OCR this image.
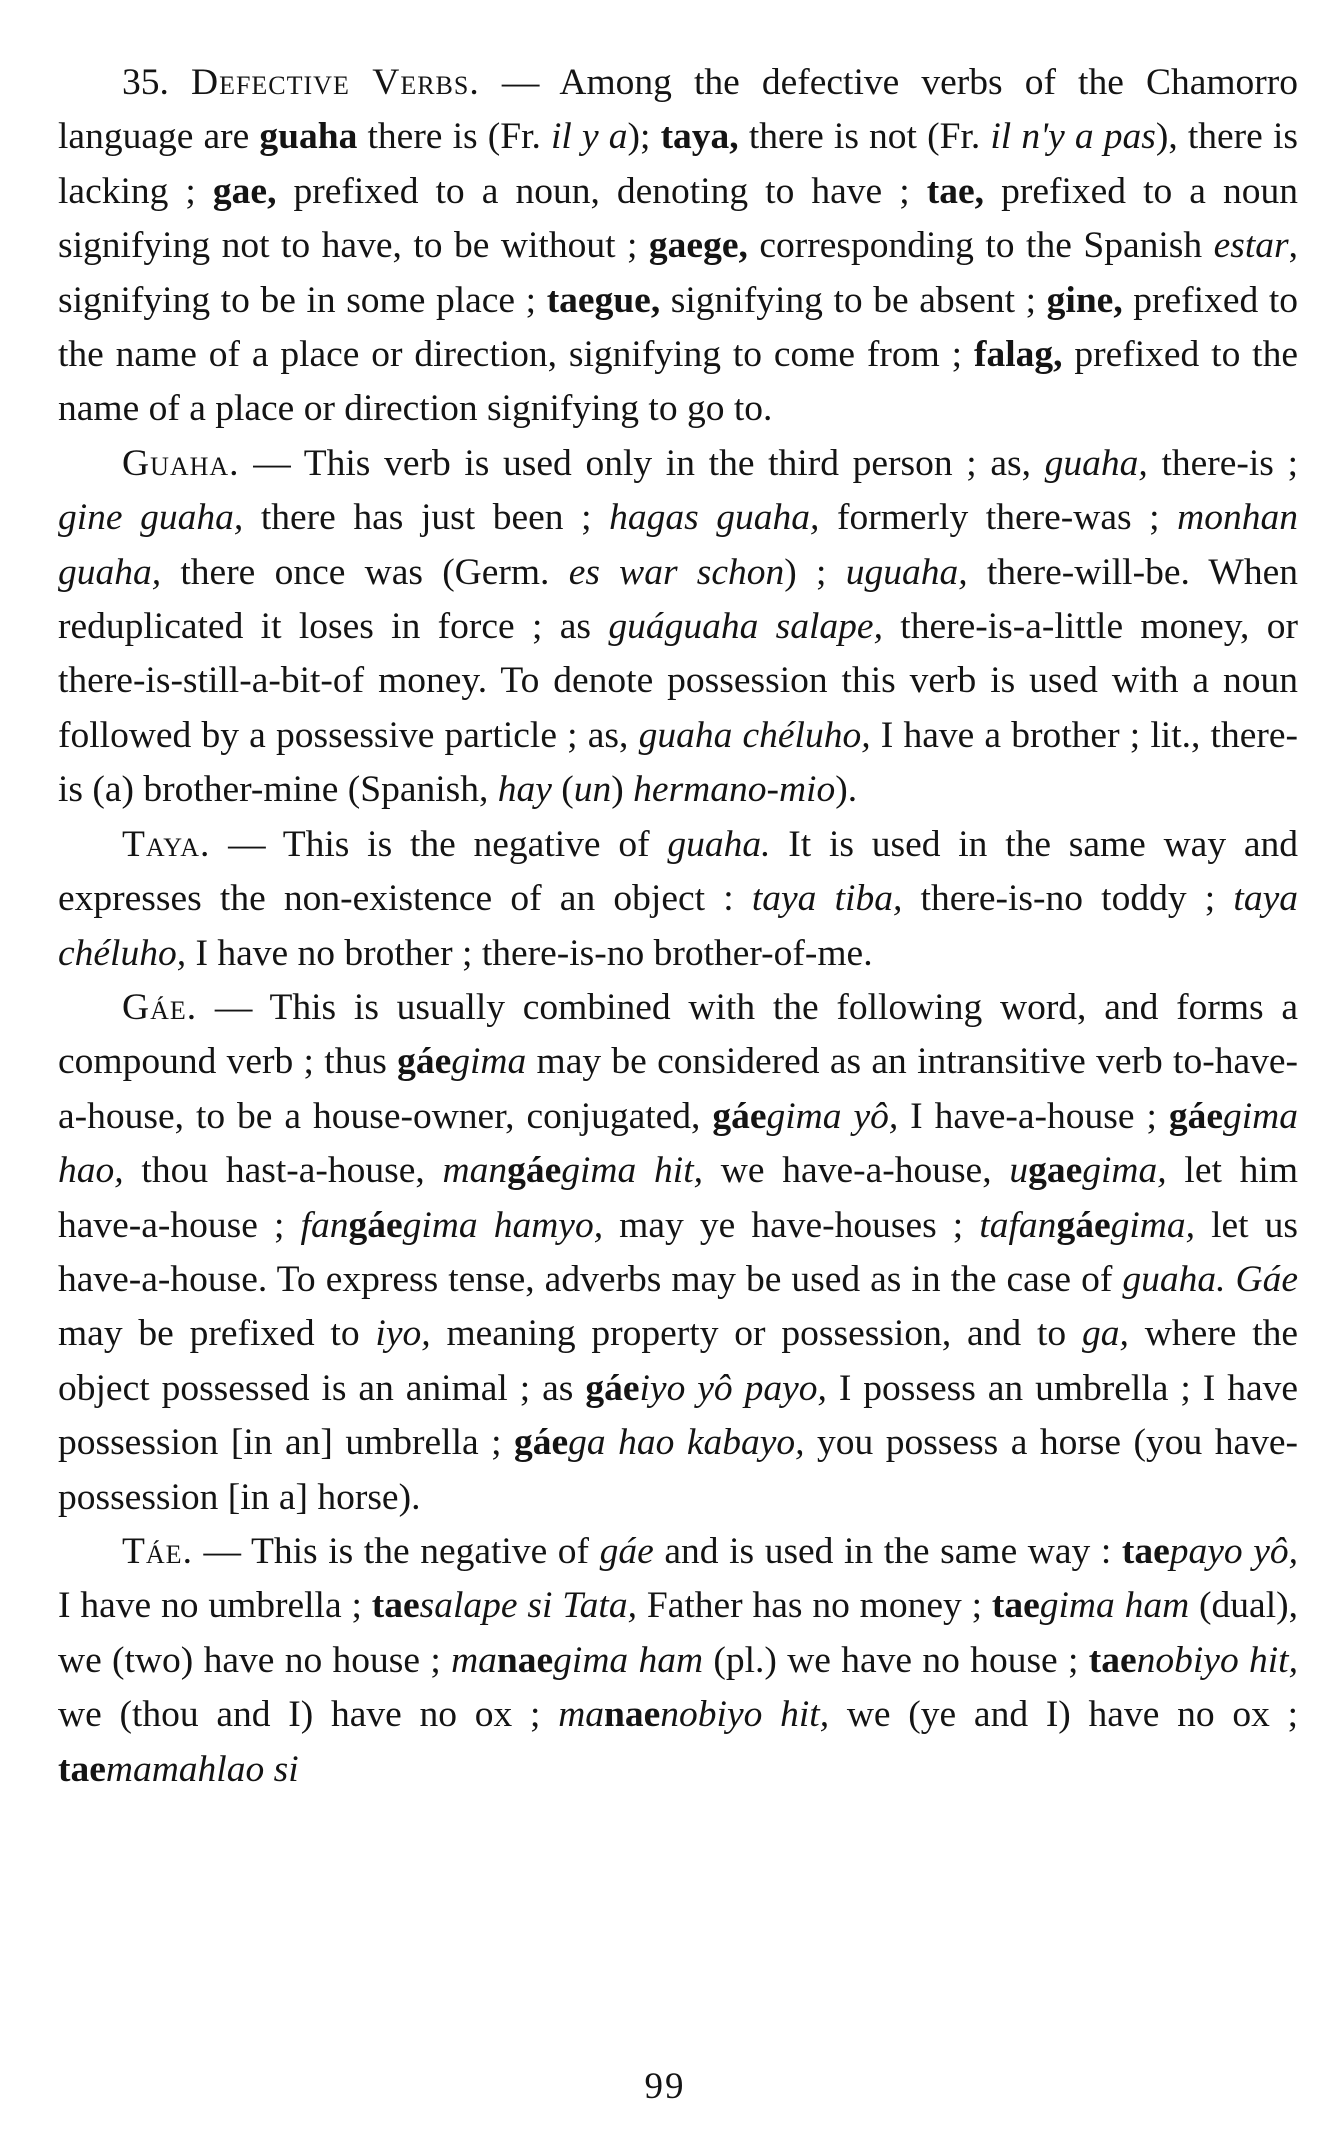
35. Defective Verbs. — Among the defective verbs of the Chamorro language are guaha there is (Fr. il y a); taya, there is not (Fr. il n'y a pas), there is lacking ; gae, prefixed to a noun, denoting to have ; tae, prefixed to a noun signifying not to have, to be without ; gaege, corresponding to the Spanish estar, signifying to be in some place ; taegue, signifying to be absent ; gine, prefixed to the name of a place or direction, signifying to come from ; falag, prefixed to the name of a place or direction signifying to go to.

Guaha. — This verb is used only in the third person ; as, guaha, there-is ; gine guaha, there has just been ; hagas guaha, formerly there-was ; monhan guaha, there once was (Germ. es war schon) ; uguaha, there-will-be. When reduplicated it loses in force ; as guáguaha salape, there-is-a-little money, or there-is-still-a-bit-of money. To denote possession this verb is used with a noun followed by a possessive particle ; as, guaha chéluho, I have a brother ; lit., there-is (a) brother-mine (Spanish, hay (un) hermano-mio).

Taya. — This is the negative of guaha. It is used in the same way and expresses the non-existence of an object : taya tiba, there-is-no toddy ; taya chéluho, I have no brother ; there-is-no brother-of-me.

Gáe. — This is usually combined with the following word, and forms a compound verb ; thus gáegima may be considered as an intransitive verb to-have-a-house, to be a house-owner, conjugated, gáegima yô, I have-a-house ; gáegima hao, thou hast-a-house, mangáegima hit, we have-a-house, ugaegima, let him have-a-house ; fangáegima hamyo, may ye have-houses ; tafangáegima, let us have-a-house. To express tense, adverbs may be used as in the case of guaha. Gáe may be prefixed to iyo, meaning property or possession, and to ga, where the object possessed is an animal ; as gáeiyo yô payo, I possess an umbrella ; I have possession [in an] umbrella ; gáega hao kabayo, you possess a horse (you have-possession [in a] horse).

Táe. — This is the negative of gáe and is used in the same way : taepayo yô, I have no umbrella ; taesalape si Tata, Father has no money ; taegima ham (dual), we (two) have no house ; manaеgima ham (pl.) we have no house ; taenobiyo hit, we (thou and I) have no ox ; manaenobiyo hit, we (ye and I) have no ox ; taemamahlao si

99
